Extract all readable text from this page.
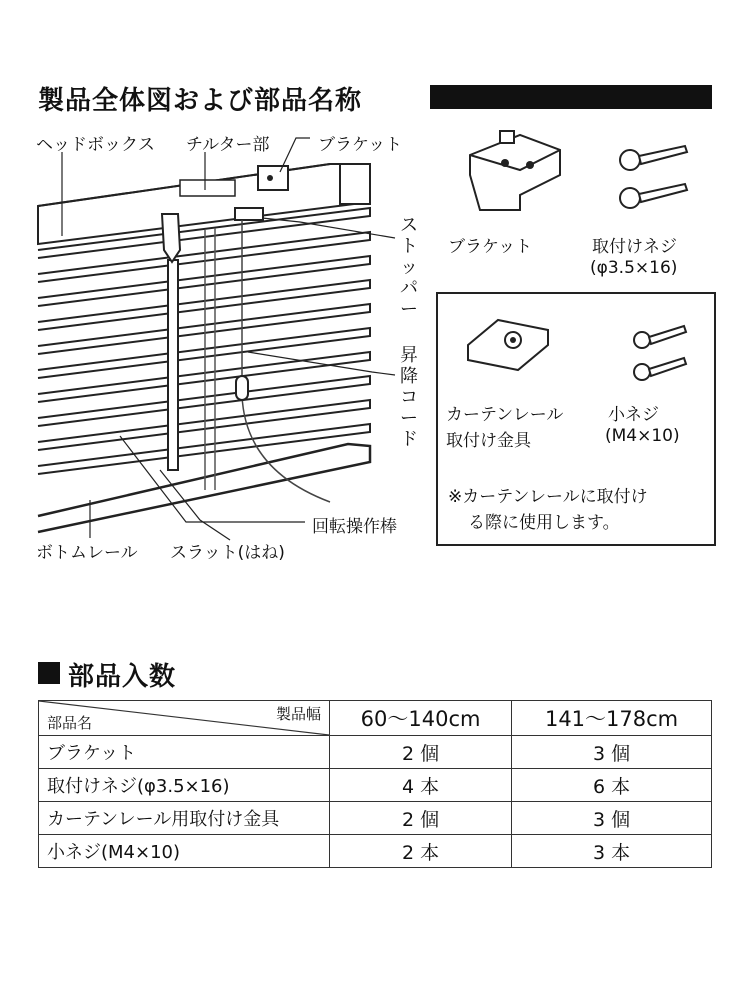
製品全体図および部品名称
ヘッドボックス チルター部	ブラケット
ストッパー
昇降コード
回転操作棒
ボトムレール スラット(はね)
ブラケット	取付けネジ
(φ3.5×16)
カーテンレール
取付け金具
小ネジ
(M4×10)
※カーテンレールに取付け
る際に使用します。
部品入数
部品名 製品幅	60〜140cm	141〜178cm
ブラケット	2 個	3 個
取付けネジ(φ3.5×16)	4 本	6 本
カーテンレール用取付け金具	2 個	3 個
小ネジ(M4×10)	2 本	3 本
